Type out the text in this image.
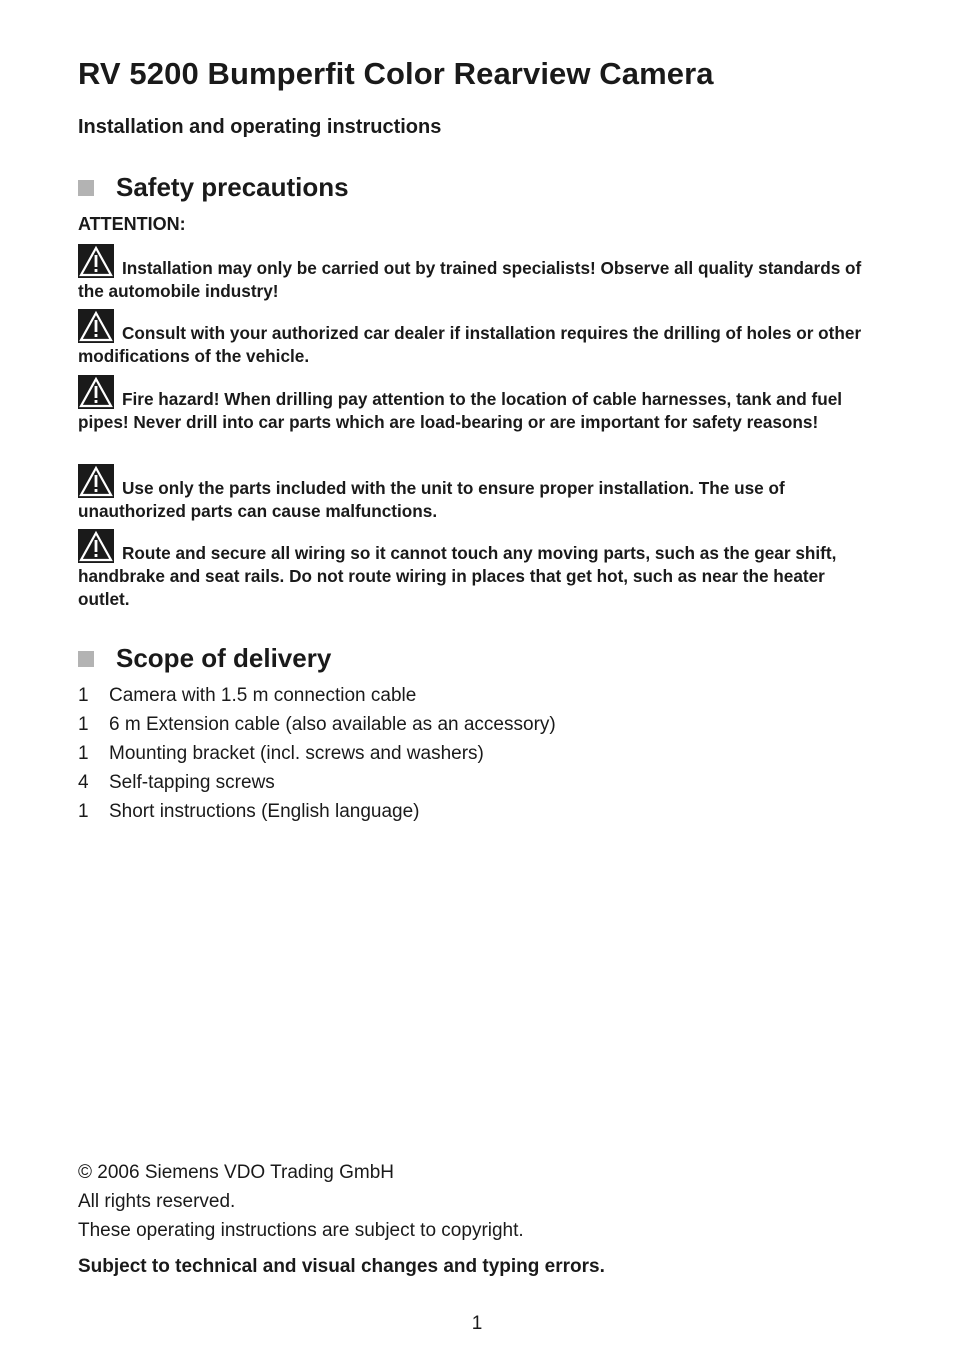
RV 5200 Bumperfit Color Rearview Camera
Installation and operating instructions
Safety precautions

ATTENTION:

Installation may only be carried out by trained specialists! Observe all quality standards of the automobile industry!

Consult with your authorized car dealer if installation requires the drilling of holes or other modifications of the vehicle.

Fire hazard! When drilling pay attention to the location of cable harnesses, tank and fuel pipes! Never drill into car parts which are load-bearing or are important for safety reasons!

Use only the parts included with the unit to ensure proper installation. The use of unauthorized parts can cause malfunctions.

Route and secure all wiring so it cannot touch any moving parts, such as the gear shift, handbrake and seat rails. Do not route wiring in places that get hot, such as near the heater outlet.

Scope of delivery
1 Camera with 1.5 m connection cable
1 6 m Extension cable (also available as an accessory)
1 Mounting bracket (incl. screws and washers)
4 Self-tapping screws
1 Short instructions (English language)
© 2006 Siemens VDO Trading GmbH
All rights reserved.
These operating instructions are subject to copyright.

Subject to technical and visual changes and typing errors.

1
